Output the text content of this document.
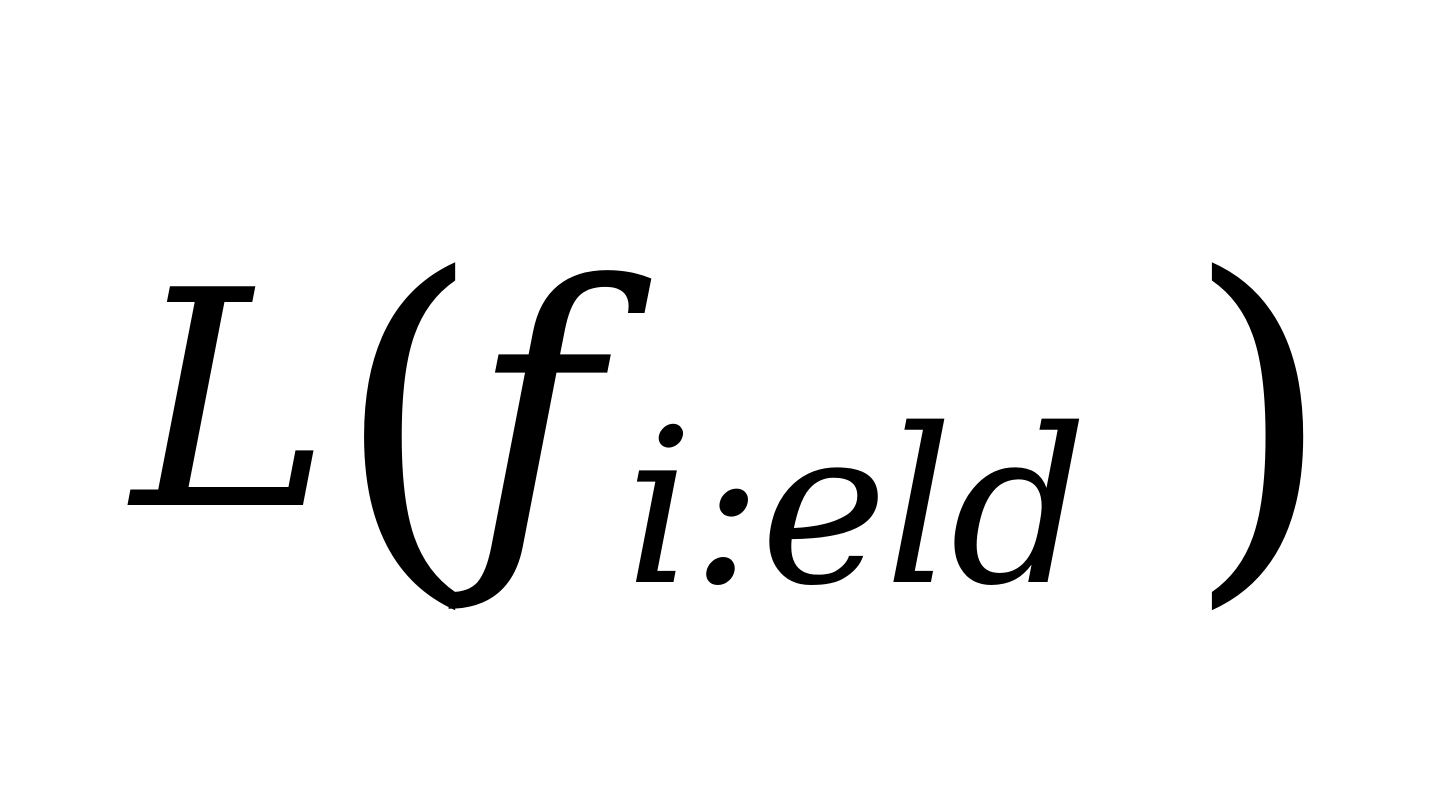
L (
f i:eld )
